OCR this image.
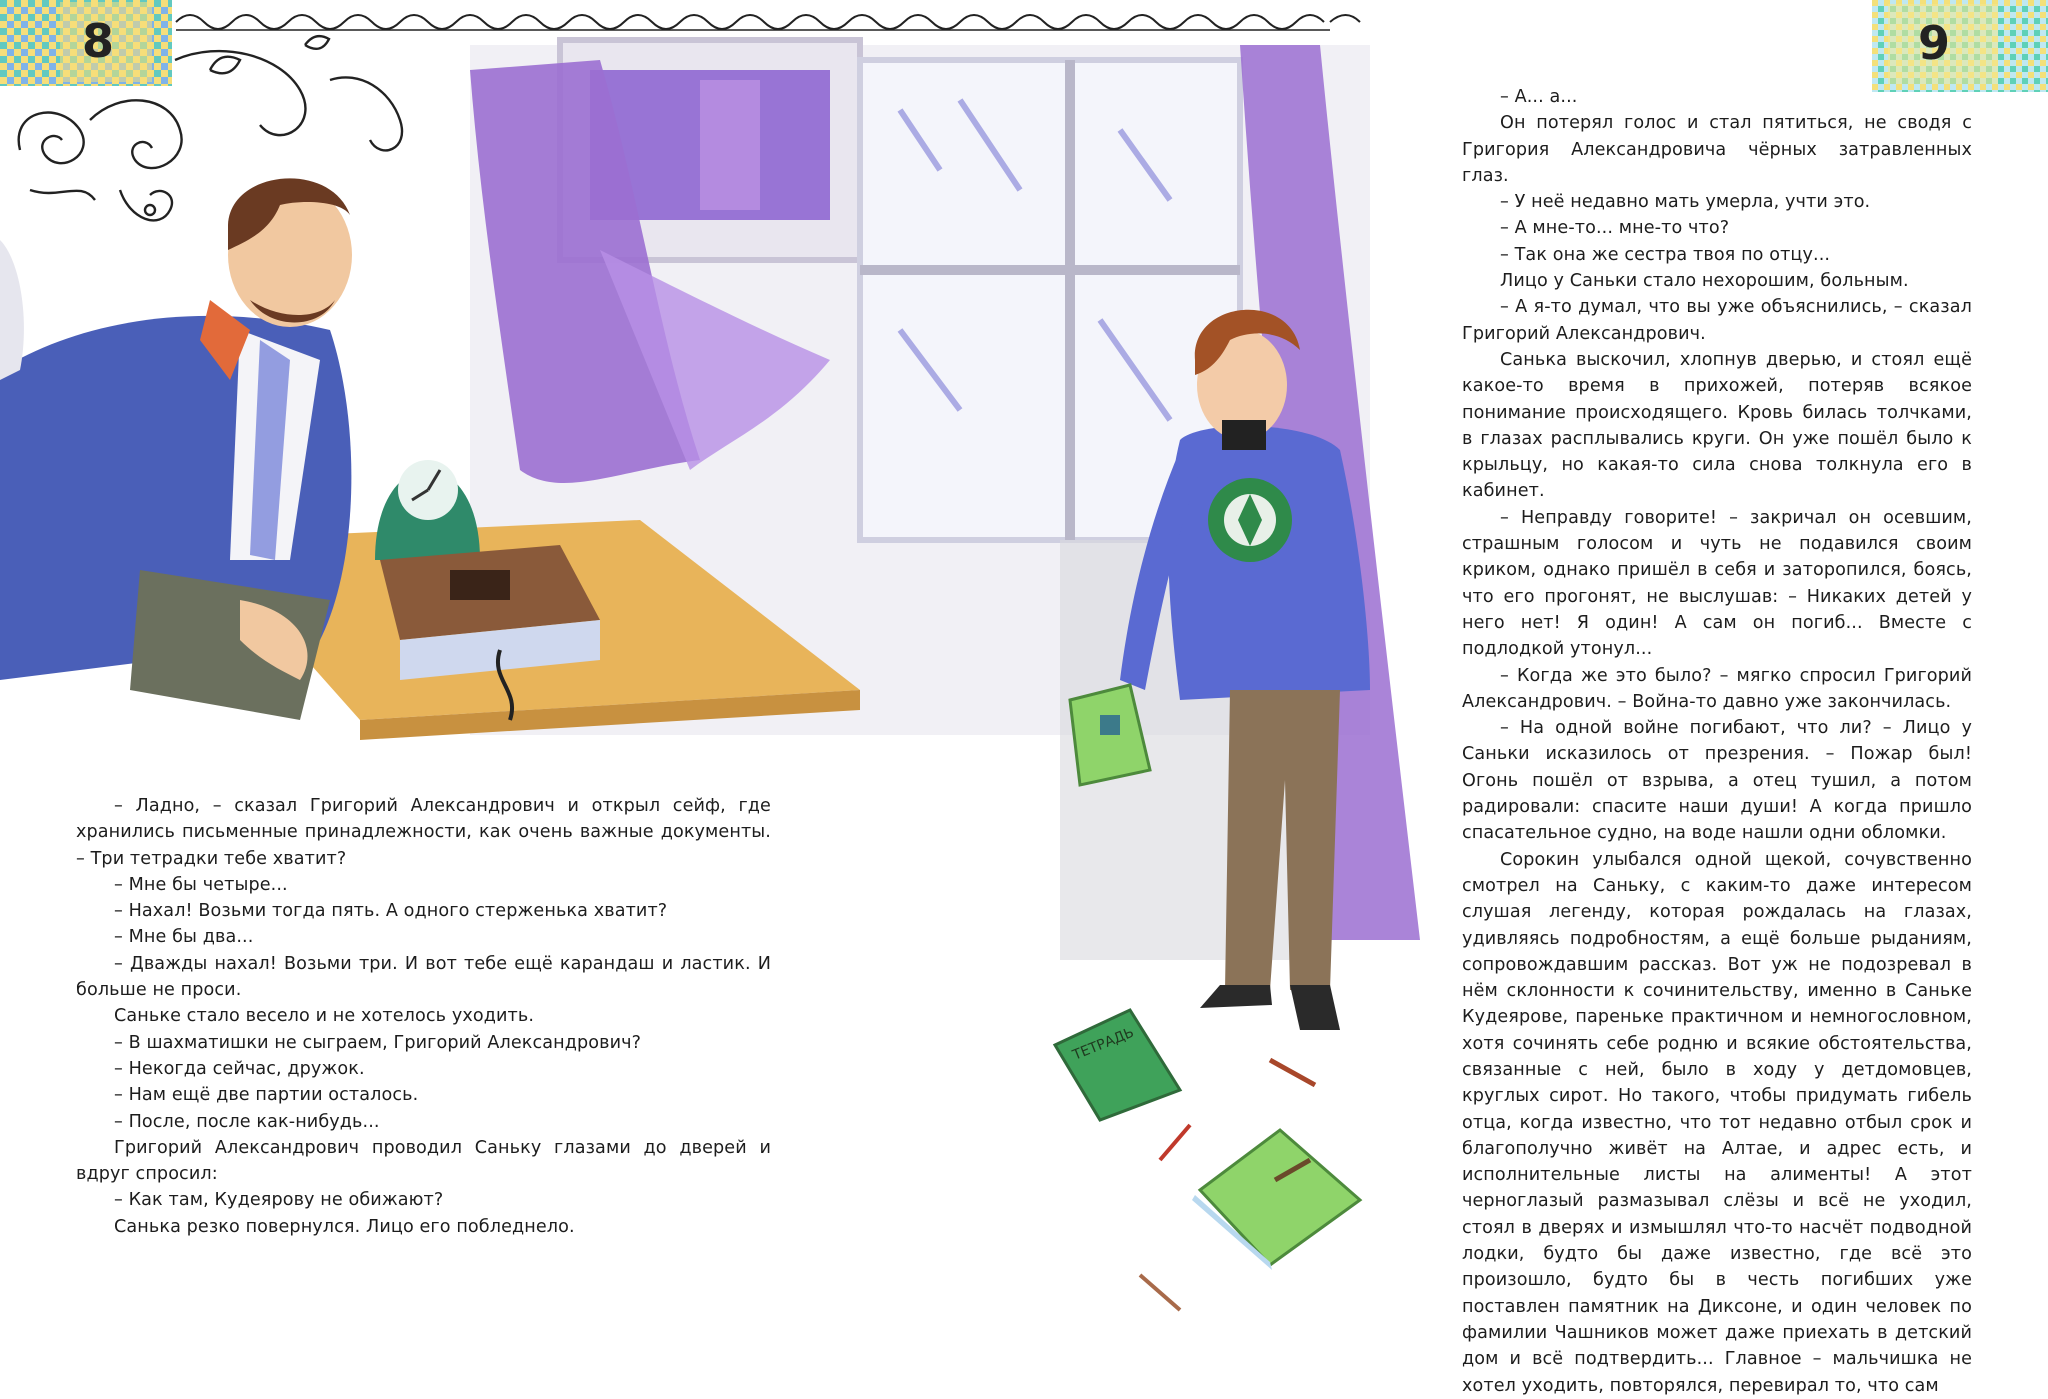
ТЕТРАДЬ
8	9

– Ладно, – сказал Григорий Александрович и открыл сейф, где хранились письменные принадлежности, как очень важные документы. – Три тетрадки тебе хватит?

– Мне бы четыре...

– Нахал! Возьми тогда пять. А одного стерженька хватит?

– Мне бы два...

– Дважды нахал! Возьми три. И вот тебе ещё карандаш и ластик. И больше не проси.

Саньке стало весело и не хотелось уходить.

– В шахматишки не сыграем, Григорий Александрович?

– Некогда сейчас, дружок.

– Нам ещё две партии осталось.

– После, после как-нибудь...

Григорий Александрович проводил Саньку глазами до дверей и вдруг спросил:

– Как там, Кудеярову не обижают?

Санька резко повернулся. Лицо его побледнело.

– А... а...

Он потерял голос и стал пятиться, не сводя с Григория Александровича чёрных затравленных глаз.

– У неё недавно мать умерла, учти это.

– А мне-то... мне-то что?

– Так она же сестра твоя по отцу...

Лицо у Саньки стало нехорошим, больным.

– А я-то думал, что вы уже объяснились, – сказал Григорий Александрович.

Санька выскочил, хлопнув дверью, и стоял ещё какое-то время в прихожей, потеряв всякое понимание происходящего. Кровь билась толчками, в глазах расплывались круги. Он уже пошёл было к крыльцу, но какая-то сила снова толкнула его в кабинет.

– Неправду говорите! – закричал он осевшим, страшным голосом и чуть не подавился своим криком, однако пришёл в себя и заторопился, боясь, что его прогонят, не выслушав: – Никаких детей у него нет! Я один! А сам он погиб... Вместе с подлодкой утонул...

– Когда же это было? – мягко спросил Григорий Александрович. – Война-то давно уже закончилась.

– На одной войне погибают, что ли? – Лицо у Саньки исказилось от презрения. – Пожар был! Огонь пошёл от взрыва, а отец тушил, а потом радировали: спасите наши души! А когда пришло спасательное судно, на воде нашли одни обломки.

Сорокин улыбался одной щекой, сочувственно смотрел на Саньку, с каким-то даже интересом слушая легенду, которая рождалась на глазах, удивляясь подробностям, а ещё больше рыданиям, сопровождавшим рассказ. Вот уж не подозревал в нём склонности к сочинительству, именно в Саньке Кудеярове, пареньке практичном и немногословном, хотя сочинять себе родню и всякие обстоятельства, связанные с ней, было в ходу у детдомовцев, круглых сирот. Но такого, чтобы придумать гибель отца, когда известно, что тот недавно отбыл срок и благополучно живёт на Алтае, и адрес есть, и исполнительные листы на алименты! А этот черноглазый размазывал слёзы и всё не уходил, стоял в дверях и измышлял что-то насчёт подводной лодки, будто бы даже известно, где всё это произошло, будто бы в честь погибших уже поставлен памятник на Диксоне, и один человек по фамилии Чашников может даже приехать в детский дом и всё подтвердить... Главное – мальчишка не хотел уходить, повторялся, перевирал то, что сам
